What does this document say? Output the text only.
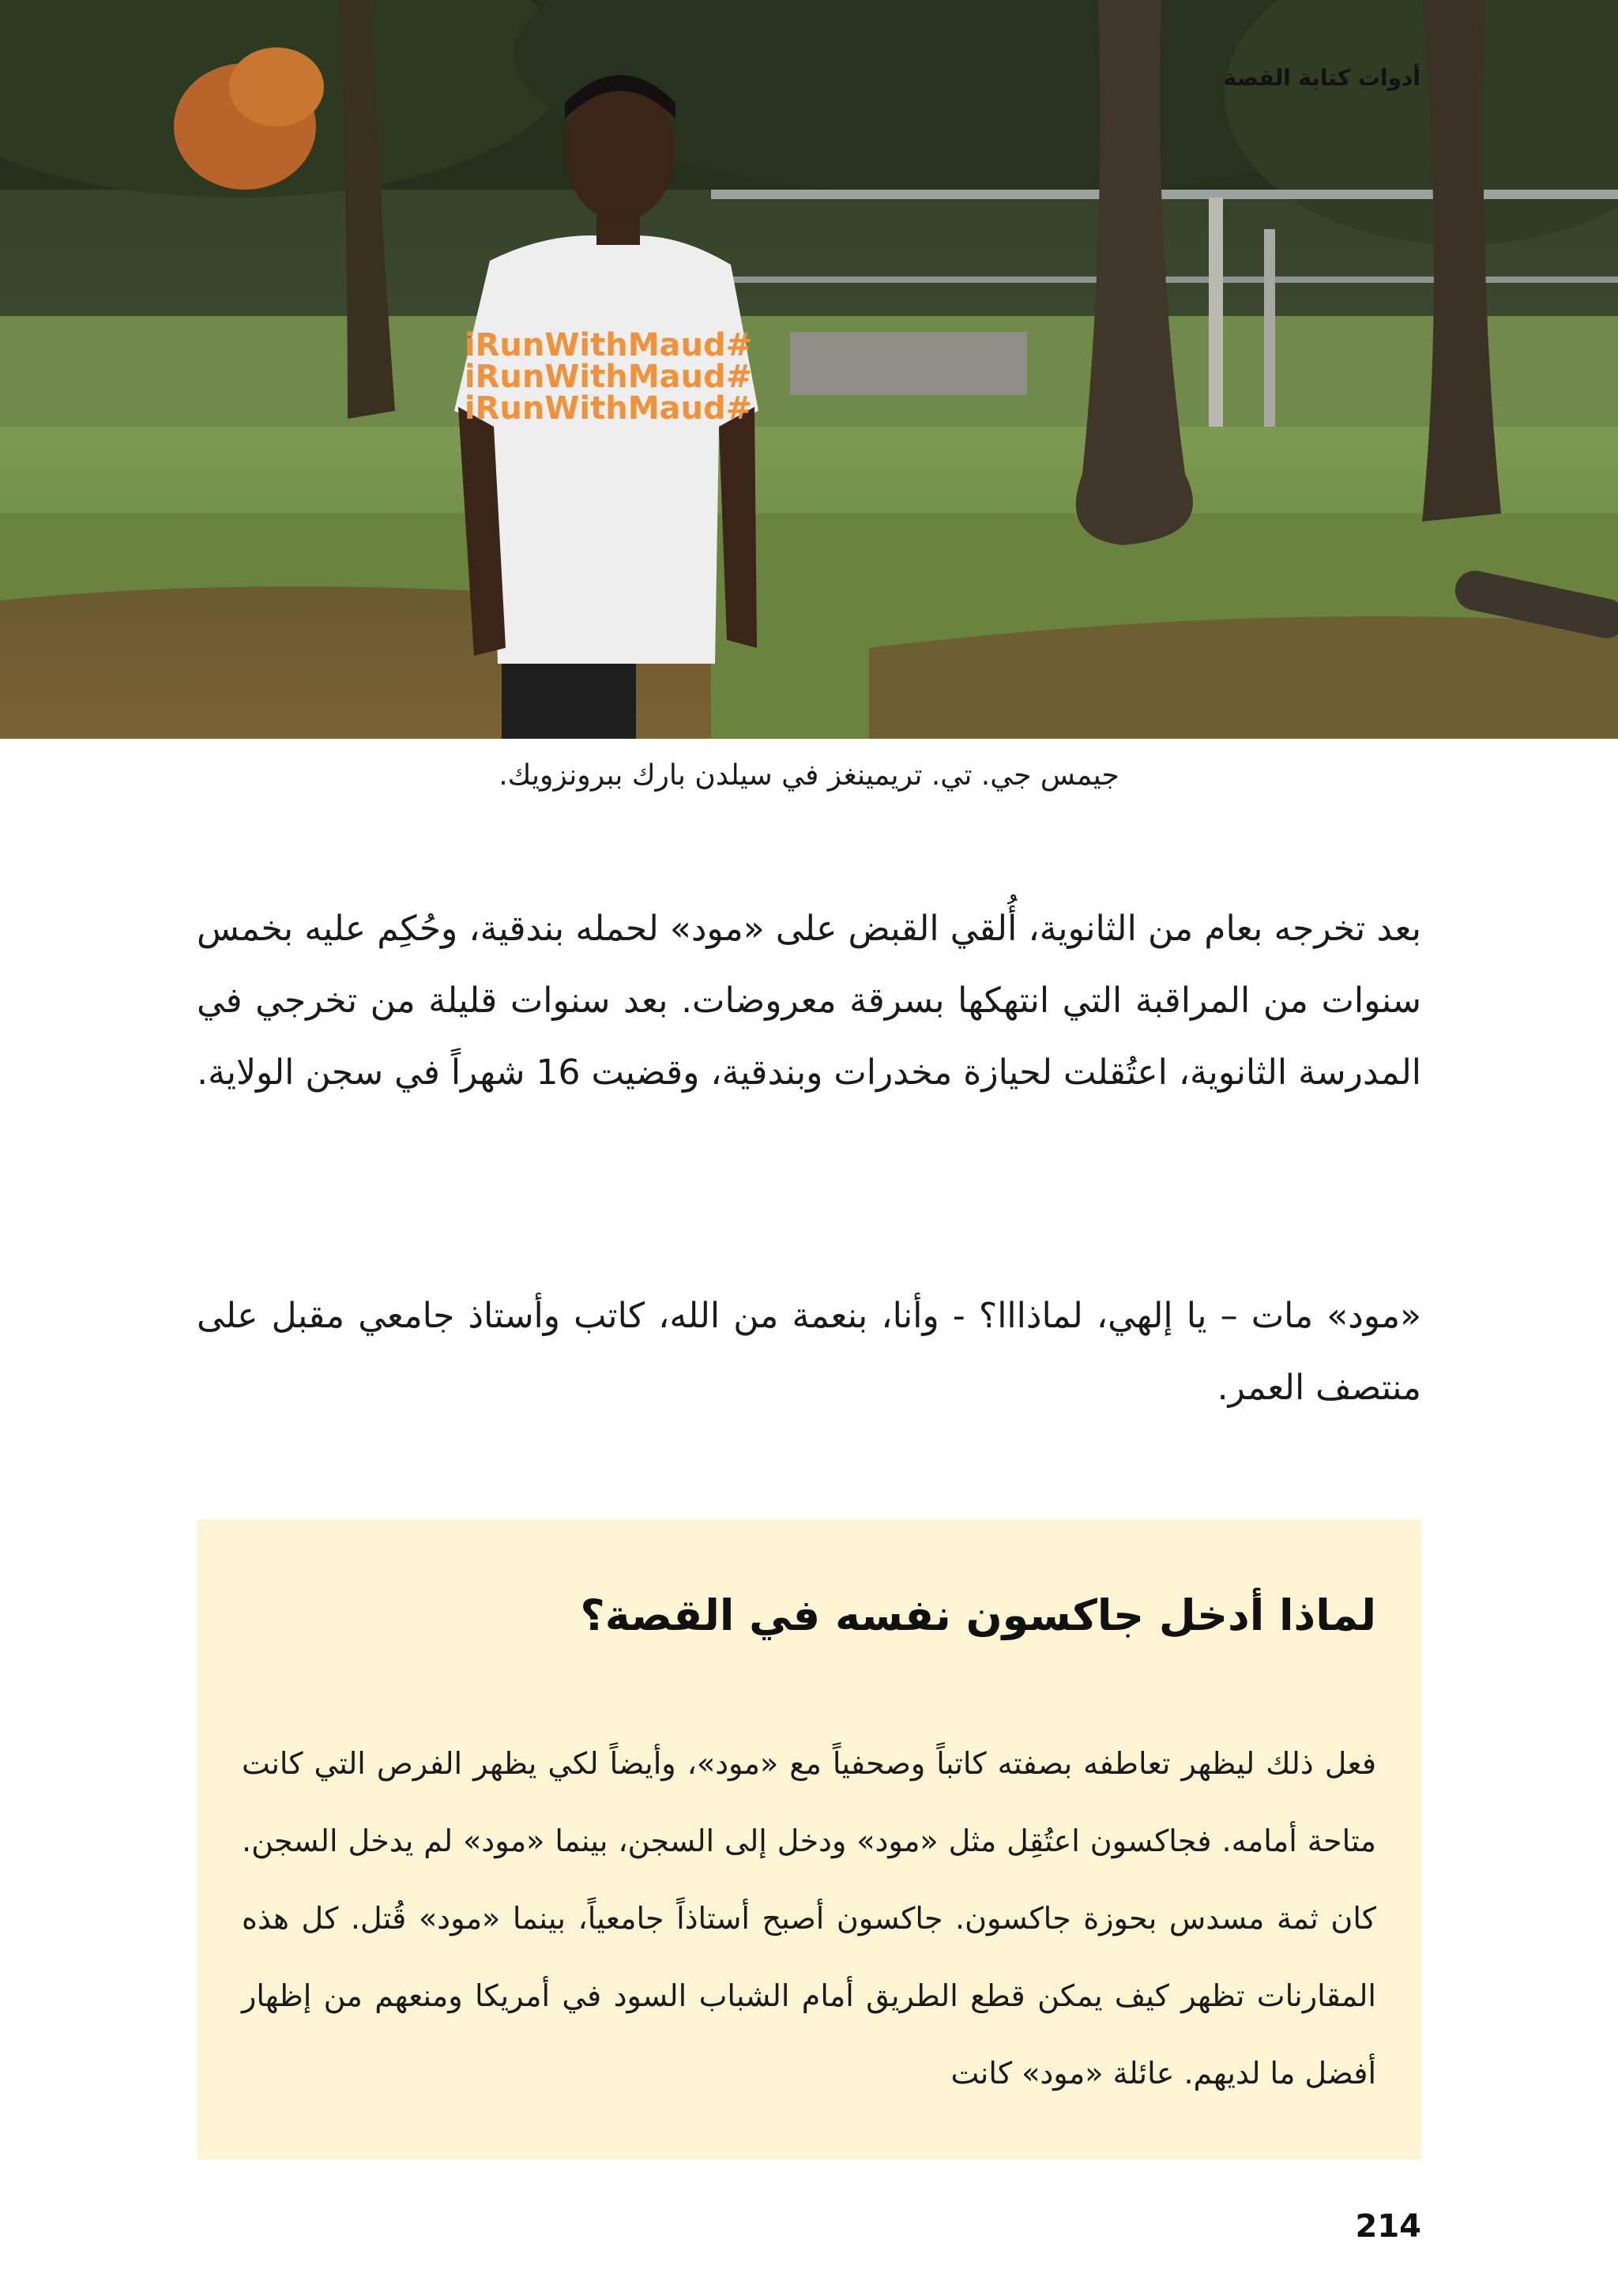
#iRunWithMaud
#iRunWithMaud
#iRunWithMaud
أدوات كتابة القصة
جيمس جي. تي. تريمينغز في سيلدن بارك ببرونزويك.

بعد تخرجه بعام من الثانوية، أُلقي القبض على «مود» لحمله بندقية، وحُكِم عليه بخمس سنوات من المراقبة التي انتهكها بسرقة معروضات. بعد سنوات قليلة من تخرجي في المدرسة الثانوية، اعتُقلت لحيازة مخدرات وبندقية، وقضيت 16 شهراً في سجن الولاية.

«مود» مات – يا إلهي، لماذااا؟ - وأنا، بنعمة من الله، كاتب وأستاذ جامعي مقبل على منتصف العمر.

لماذا أدخل جاكسون نفسه في القصة؟

فعل ذلك ليظهر تعاطفه بصفته كاتباً وصحفياً مع «مود»، وأيضاً لكي يظهر الفرص التي كانت متاحة أمامه. فجاكسون اعتُقِل مثل «مود» ودخل إلى السجن، بينما «مود» لم يدخل السجن. كان ثمة مسدس بحوزة جاكسون. جاكسون أصبح أستاذاً جامعياً، بينما «مود» قُتل. كل هذه المقارنات تظهر كيف يمكن قطع الطريق أمام الشباب السود في أمريكا ومنعهم من إظهار أفضل ما لديهم. عائلة «مود» كانت

214
